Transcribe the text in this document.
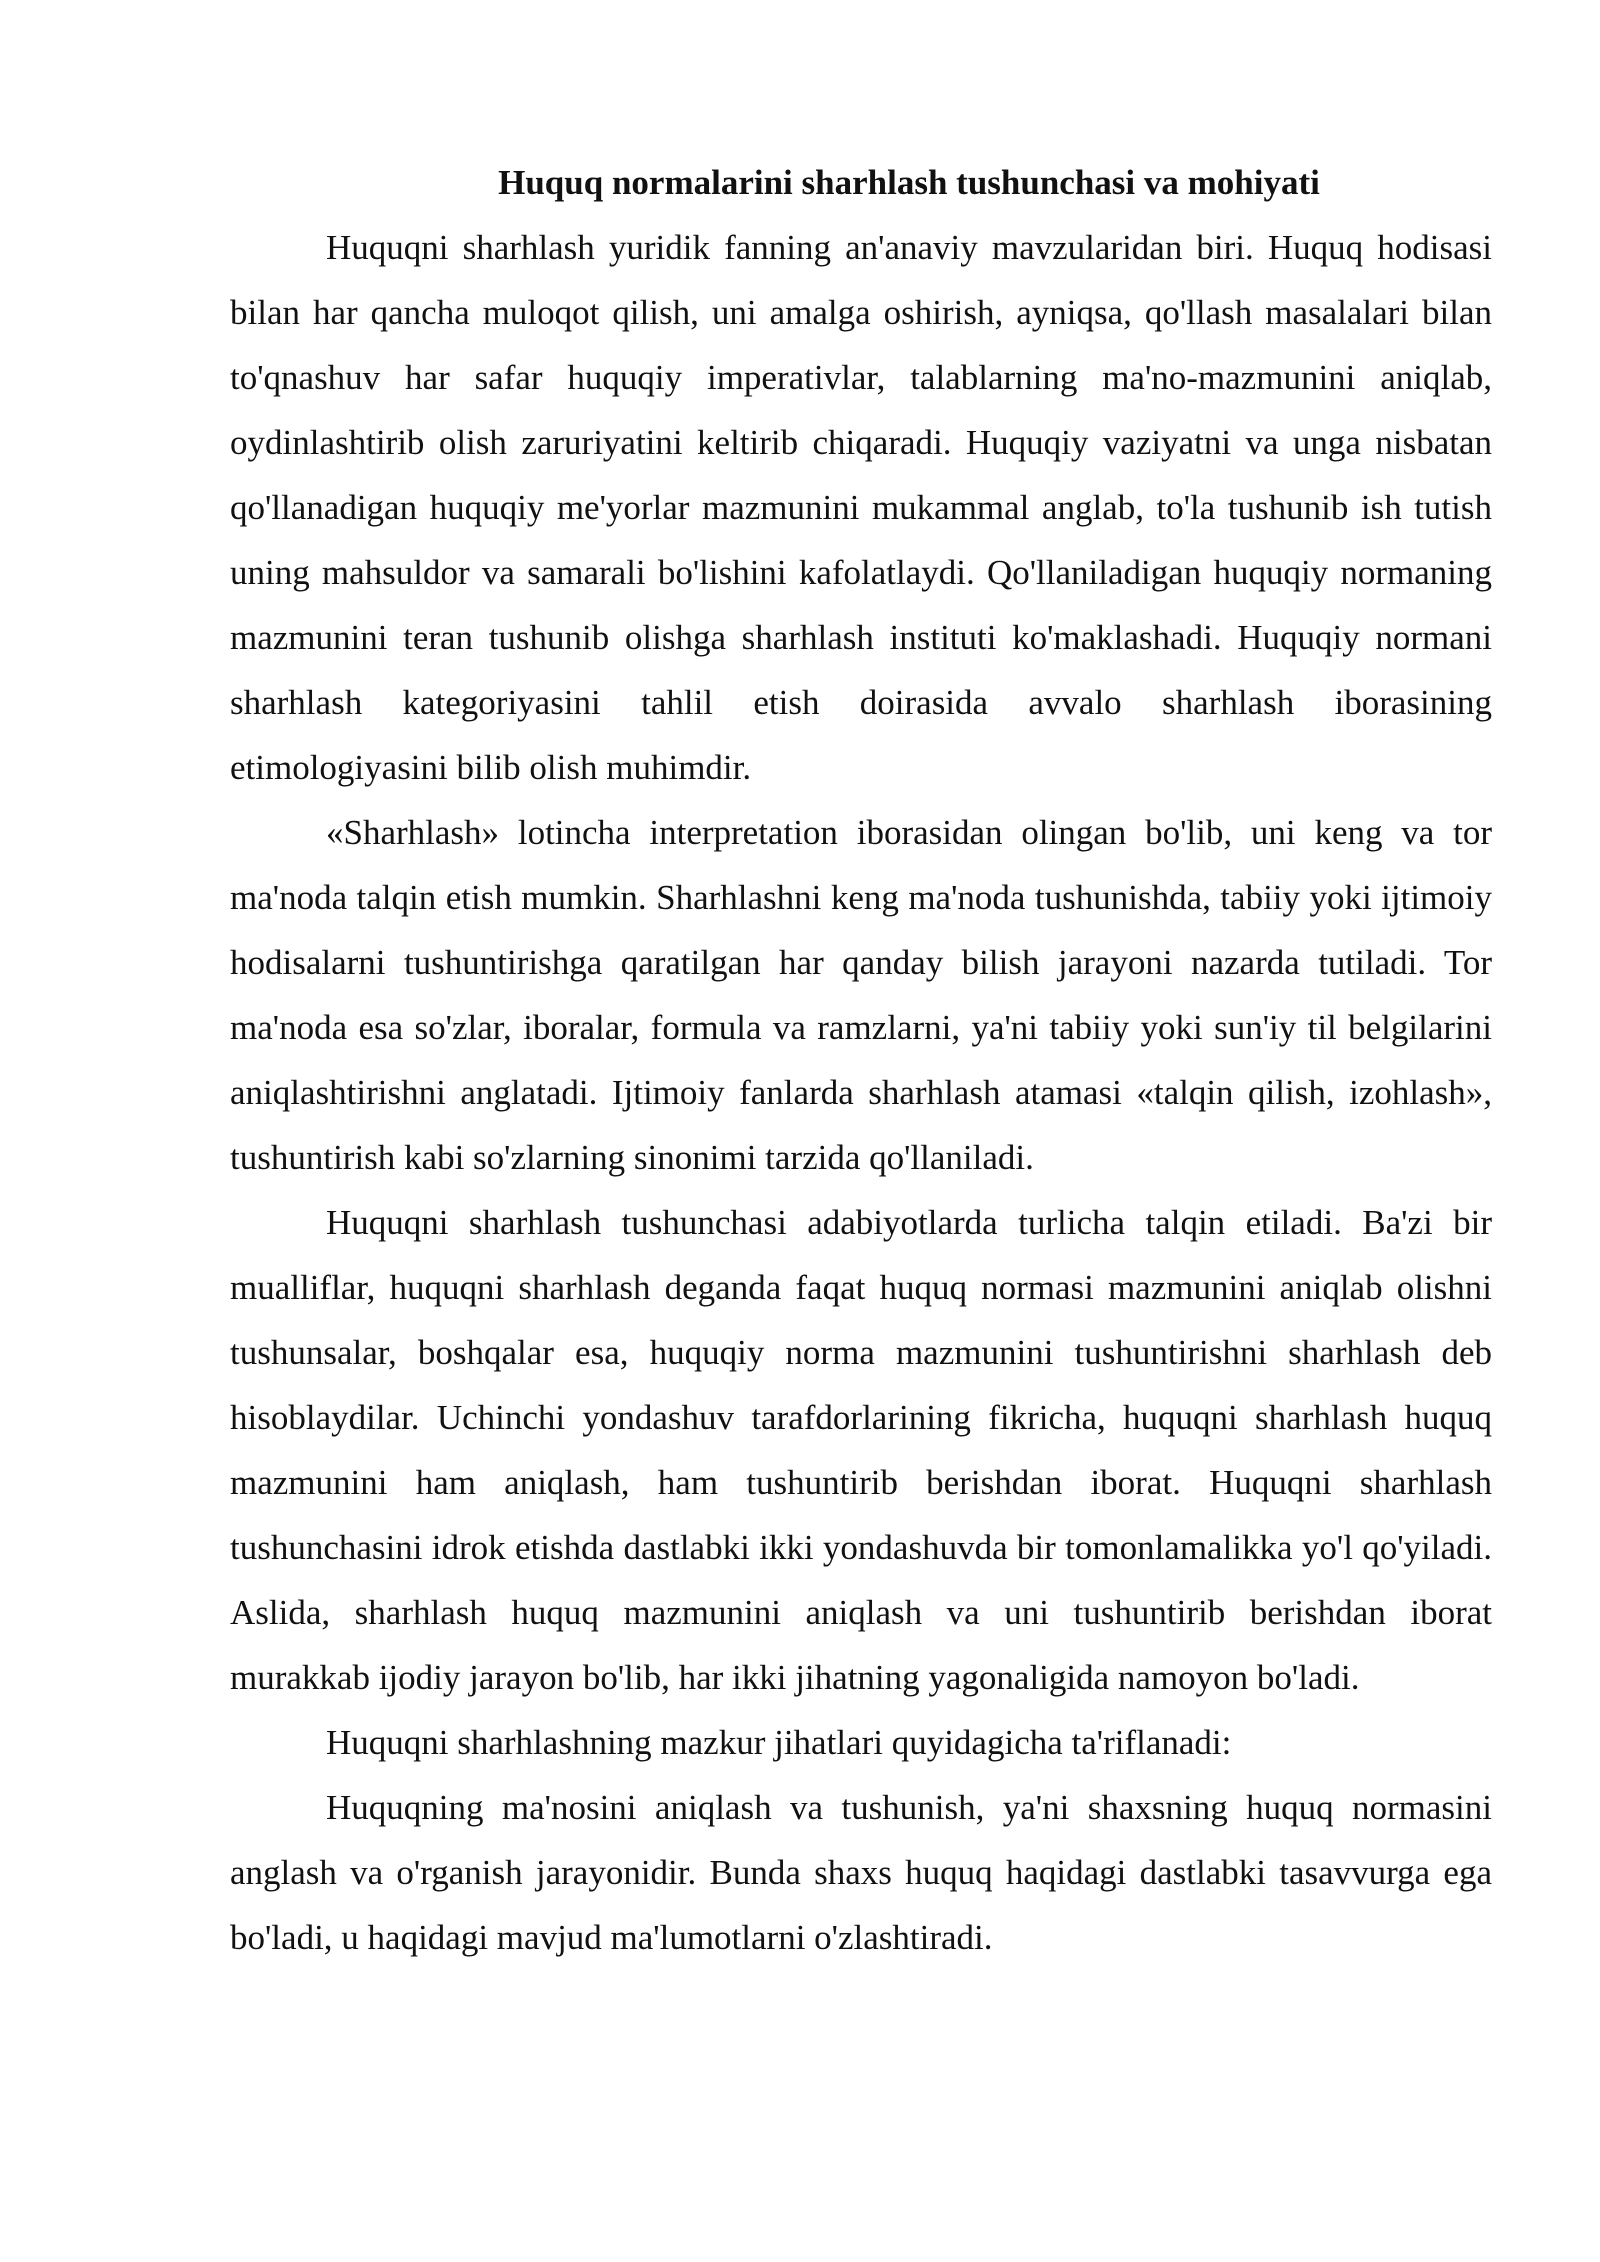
Huquq normalarini sharhlash tushunchasi va mohiyati

Huquqni sharhlash yuridik fanning an'anaviy mavzularidan biri. Huquq hodisasi bilan har qancha muloqot qilish, uni amalga oshirish, ayniqsa, qo'llash masalalari bilan to'qnashuv har safar huquqiy imperativlar, talablarning ma'no-mazmunini aniqlab, oydinlashtirib olish zaruriyatini keltirib chiqaradi. Huquqiy vaziyatni va unga nisbatan qo'llanadigan huquqiy me'yorlar mazmunini mukammal anglab, to'la tushunib ish tutish uning mahsuldor va samarali bo'lishini kafolatlaydi. Qo'llaniladigan huquqiy normaning mazmunini teran tushunib olishga sharhlash instituti ko'maklashadi. Huquqiy normani sharhlash kategoriyasini tahlil etish doirasida avvalo sharhlash iborasining etimologiyasini bilib olish muhimdir.

«Sharhlash» lotincha interpretation iborasidan olingan bo'lib, uni keng va tor ma'noda talqin etish mumkin. Sharhlashni keng ma'noda tushunishda, tabiiy yoki ijtimoiy hodisalarni tushuntirishga qaratilgan har qanday bilish jarayoni nazarda tutiladi. Tor ma'noda esa so'zlar, iboralar, formula va ramzlarni, ya'ni tabiiy yoki sun'iy til belgilarini aniqlashtirishni anglatadi. Ijtimoiy fanlarda sharhlash atamasi «talqin qilish, izohlash», tushuntirish kabi so'zlarning sinonimi tarzida qo'llaniladi.

Huquqni sharhlash tushunchasi adabiyotlarda turlicha talqin etiladi. Ba'zi bir mualliflar, huquqni sharhlash deganda faqat huquq normasi mazmunini aniqlab olishni tushunsalar, boshqalar esa, huquqiy norma mazmunini tushuntirishni sharhlash deb hisoblaydilar. Uchinchi yondashuv tarafdorlarining fikricha, huquqni sharhlash huquq mazmunini ham aniqlash, ham tushuntirib berishdan iborat. Huquqni sharhlash tushunchasini idrok etishda dastlabki ikki yondashuvda bir tomonlamalikka yo'l qo'yiladi. Aslida, sharhlash huquq mazmunini aniqlash va uni tushuntirib berishdan iborat murakkab ijodiy jarayon bo'lib, har ikki jihatning yagonaligida namoyon bo'ladi.

Huquqni sharhlashning mazkur jihatlari quyidagicha ta'riflanadi:

Huquqning ma'nosini aniqlash va tushunish, ya'ni shaxsning huquq normasini anglash va o'rganish jarayonidir. Bunda shaxs huquq haqidagi dastlabki tasavvurga ega bo'ladi, u haqidagi mavjud ma'lumotlarni o'zlashtiradi.
